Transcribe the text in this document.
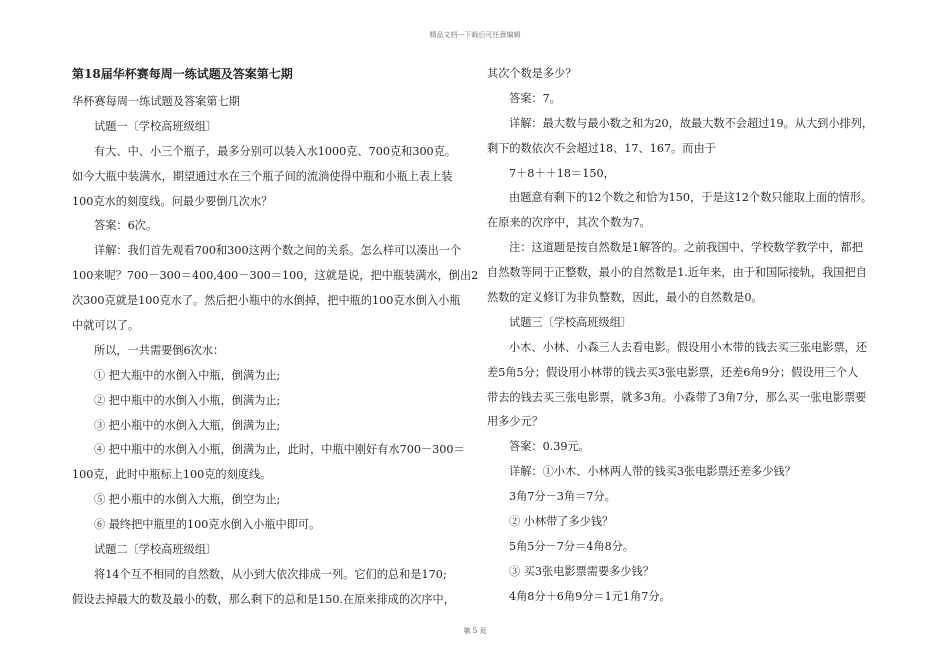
精品文档---下载后可任意编辑

第18届华杯赛每周一练试题及答案第七期

华杯赛每周一练试题及答案第七期

试题一〔学校高班级组〕

有大、中、小三个瓶子，最多分别可以装入水1000克、700克和300克。

如今大瓶中装满水，期望通过水在三个瓶子间的流淌使得中瓶和小瓶上表上装

100克水的刻度线。问最少要倒几次水？

答案：6次。

详解：我们首先观看700和300这两个数之间的关系。怎么样可以凑出一个

100来呢？700－300＝400,400－300＝100，这就是说，把中瓶装满水，倒出2

次300克就是100克水了。然后把小瓶中的水倒掉，把中瓶的100克水倒入小瓶

中就可以了。

所以，一共需要倒6次水：

① 把大瓶中的水倒入中瓶，倒满为止;

② 把中瓶中的水倒入小瓶，倒满为止;

③ 把小瓶中的水倒入大瓶，倒满为止;

④ 把中瓶中的水倒入小瓶，倒满为止，此时，中瓶中刚好有水700－300＝

100克，此时中瓶标上100克的刻度线。

⑤ 把小瓶中的水倒入大瓶，倒空为止;

⑥ 最终把中瓶里的100克水倒入小瓶中即可。

试题二〔学校高班级组〕

将14个互不相同的自然数，从小到大依次排成一列。它们的总和是170;

假设去掉最大的数及最小的数，那么剩下的总和是150.在原来排成的次序中，

其次个数是多少？

答案：7。

详解：最大数与最小数之和为20，故最大数不会超过19。从大到小排列，

剩下的数依次不会超过18、17、167。而由于

7＋8＋＋18＝150，

由题意有剩下的12个数之和恰为150，于是这12个数只能取上面的情形。

在原来的次序中，其次个数为7。

注：这道题是按自然数是1解答的。之前我国中、学校数学教学中，都把

自然数等同于正整数，最小的自然数是1.近年来，由于和国际接轨，我国把自

然数的定义修订为非负整数，因此，最小的自然数是0。

试题三〔学校高班级组〕

小木、小林、小森三人去看电影。假设用小木带的钱去买三张电影票，还

差5角5分；假设用小林带的钱去买3张电影票，还差6角9分；假设用三个人

带去的钱去买三张电影票，就多3角。小森带了3角7分，那么买一张电影票要

用多少元？

答案：0.39元。

详解：①小木、小林两人带的钱买3张电影票还差多少钱？

3角7分－3角＝7分。

② 小林带了多少钱？

5角5分－7分＝4角8分。

③ 买3张电影票需要多少钱？

4角8分＋6角9分＝1元1角7分。

第 5 页
